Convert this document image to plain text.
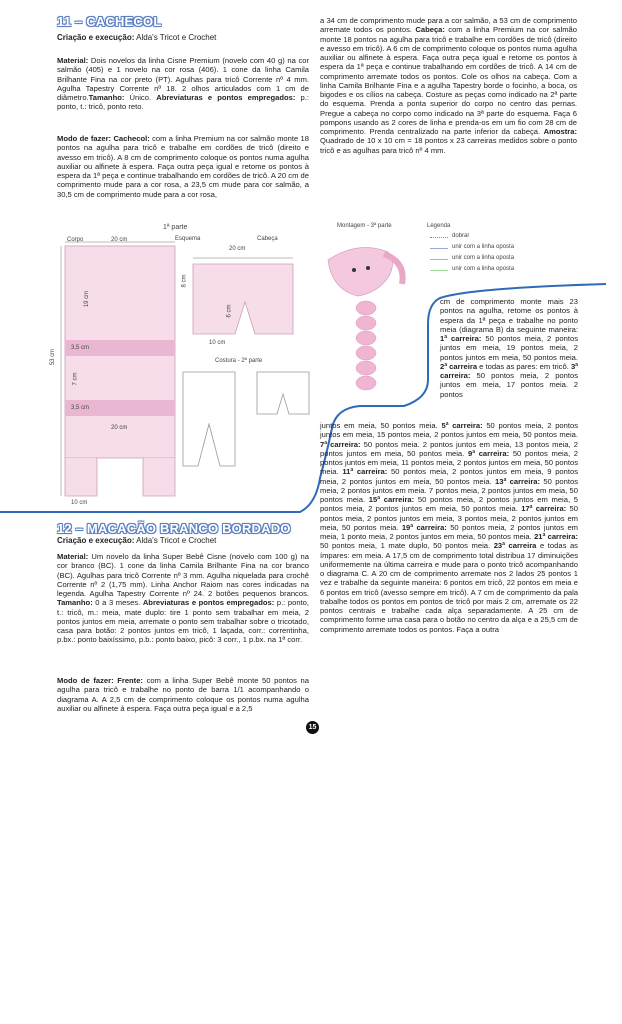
11 – CACHECOL
Criação e execução: Alda's Tricot e Crochet

Material: Dois novelos da linha Cisne Premium (novelo com 40 g) na cor salmão (405) e 1 novelo na cor rosa (406). 1 cone da linha Camila Brilhante Fina na cor preto (PT). Agulhas para tricô Corrente nº 4 mm. Agulha Tapestry Corrente nº 18. 2 olhos articulados com 1 cm de diâmetro.Tamanho: Único. Abreviaturas e pontos empregados: p.: ponto, t.: tricô, ponto reto.

Modo de fazer: Cachecol: com a linha Premium na cor salmão monte 18 pontos na agulha para tricô e trabalhe em cordões de tricô (direito e avesso em tricô). A 8 cm de comprimento coloque os pontos numa agulha auxiliar ou alfinete à espera. Faça outra peça igual e retome os pontos à espera da 1ª peça e continue trabalhando em cordões de tricô. A 20 cm de comprimento mude para a cor rosa, a 23,5 cm mude para cor salmão, a 30,5 cm de comprimento mude para a cor rosa,

a 34 cm de comprimento mude para a cor salmão, a 53 cm de comprimento arremate todos os pontos. Cabeça: com a linha Premium na cor salmão monte 18 pontos na agulha para tricô e trabalhe em cordões de tricô (direito e avesso em tricô). A 6 cm de comprimento coloque os pontos numa agulha auxiliar ou alfinete à espera. Faça outra peça igual e retome os pontos à espera da 1ª peça e continue trabalhando em cordões de tricô. A 14 cm de comprimento arremate todos os pontos. Cole os olhos na cabeça. Com a linha Camila Brilhante Fina e a agulha Tapestry borde o focinho, a boca, os bigodes e os cílios na cabeça. Costure as peças como indicado na 2ª parte do esquema. Prenda a ponta superior do corpo no centro das pernas. Pregue a cabeça no corpo como indicado na 3ª parte do esquema. Faça 6 pompons usando as 2 cores de linha e prenda-os em um fio com 28 cm de comprimento. Prenda centralizado na parte inferior da cabeça. Amostra: Quadrado de 10 x 10 cm = 18 pontos x 23 carreiras medidos sobre o ponto tricô e as agulhas para tricô nº 4 mm.

1ª parte
Corpo	20 cm	Esquema	Cabeça
20 cm
8 cm
19 cm
53 cm
3,5 cm
7 cm
3,5 cm
20 cm
10 cm
6 cm
10 cm
Costura - 2ª parte
Montagem - 3ª parte	Legenda
dobrar
unir com a linha oposta
unir com a linha oposta
unir com a linha oposta

cm de comprimento monte mais 23 pontos na agulha, retome os pontos à espera da 1ª peça e trabalhe no ponto meia (diagrama B) da seguinte maneira: 1ª carreira: 50 pontos meia, 2 pontos juntos em meia, 19 pontos meia, 2 pontos juntos em meia, 50 pontos meia. 2ª carreira e todas as pares: em tricô. 3ª carreira: 50 pontos meia, 2 pontos juntos em meia, 17 pontos meia. 2 pontos

juntos em meia, 50 pontos meia. 5ª carreira: 50 pontos meia, 2 pontos juntos em meia, 15 pontos meia, 2 pontos juntos em meia, 50 pontos meia. 7ª carreira: 50 pontos meia. 2 pontos juntos em meia, 13 pontos meia, 2 pontos juntos em meia, 50 pontos meia. 9ª carreira: 50 pontos meia, 2 pontos juntos em meia, 11 pontos meia, 2 pontos juntos em meia, 50 pontos meia. 11ª carreira: 50 pontos meia, 2 pontos juntos em meia, 9 pontos meia, 2 pontos juntos em meia, 50 pontos meia. 13ª carreira: 50 pontos meia, 2 pontos juntos em meia. 7 pontos meia, 2 pontos juntos em meia, 50 pontos meia. 15ª carreira: 50 pontos meia, 2 pontos juntos em meia, 5 pontos meia, 2 pontos juntos em meia, 50 pontos meia. 17ª carreira: 50 pontos meia, 2 pontos juntos em meia, 3 pontos meia, 2 pontos juntos em meia, 50 pontos meia. 19ª carreira: 50 pontos meia, 2 pontos juntos em meia, 1 ponto meia, 2 pontos juntos em meia, 50 pontos meia. 21ª carreira: 50 pontos meia, 1 mate duplo, 50 pontos meia. 23ª carreira e todas as ímpares: em meia. A 17,5 cm de comprimento total distribua 17 diminuições uniformemente na última carreira e mude para o ponto tricô acompanhando o diagrama C. A 20 cm de comprimento arremate nos 2 lados 25 pontos 1 vez e trabalhe da seguinte maneira: 6 pontos em tricô, 22 pontos em meia e 6 pontos em tricô (avesso sempre em tricô). A 7 cm de comprimento da pala trabalhe todos os pontos em pontos de tricô por mais 2 cm, arremate os 22 pontos centrais e trabalhe cada alça separadamente. A 25 cm de comprimento forme uma casa para o botão no centro da alça e a 25,5 cm de comprimento arremate todos os pontos. Faça a outra

12 – MACACÃO BRANCO BORDADO
Criação e execução: Alda's Tricot e Crochet

Material: Um novelo da linha Super Bebê Cisne (novelo com 100 g) na cor branco (BC). 1 cone da linha Camila Brilhante Fina na cor branco (BC). Agulhas para tricô Corrente nº 3 mm. Agulha niquelada para crochê Corrente nº 2 (1,75 mm). Linha Anchor Raiom nas cores indicadas na legenda. Agulha Tapestry Corrente nº 24. 2 botões pequenos brancos. Tamanho: 0 a 3 meses. Abreviaturas e pontos empregados: p.: ponto, t.: tricô, m.: meia, mate duplo: tire 1 ponto sem trabalhar em meia, 2 pontos juntos em meia, arremate o ponto sem trabalhar sobre o tricotado, casa para botão: 2 pontos juntos em tricô, 1 laçada, corr.: correntinha, p.bx.: ponto baixíssimo, p.b.: ponto baixo, picô: 3 corr., 1 p.bx. na 1ª corr.

Modo de fazer: Frente: com a linha Super Bebê monte 50 pontos na agulha para tricô e trabalhe no ponto de barra 1/1 acompanhando o diagrama A. A 2,5 cm de comprimento coloque os pontos numa agulha auxiliar ou alfinete à espera. Faça outra peça igual e a 2,5

15
